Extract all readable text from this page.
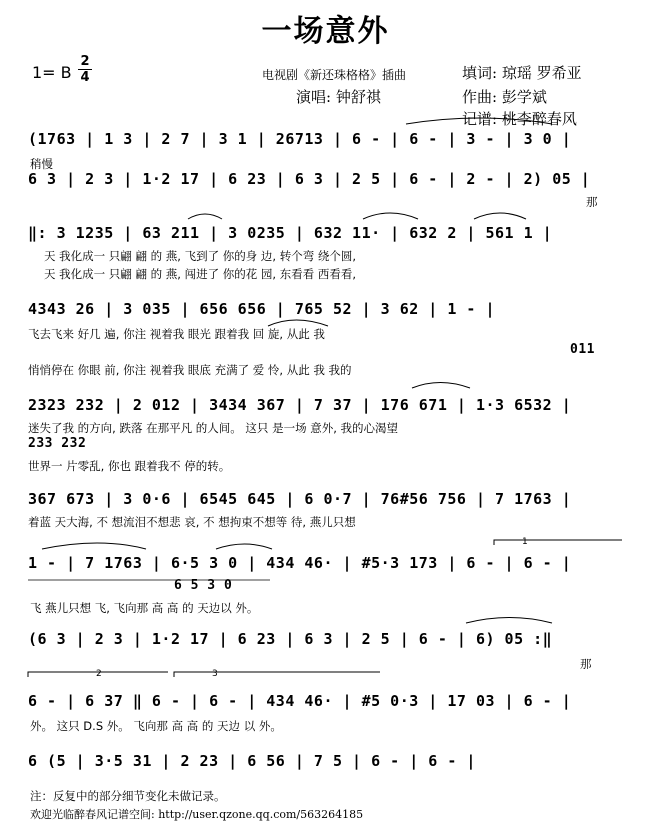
一场意外
1= B $\frac{2}{4}$	电视剧《新还珠格格》插曲	填词: 琼瑶 罗希亚
演唱: 钟舒祺	作曲: 彭学斌
记谱: 桃李醉春风
2	3
1
(1763 | 1 3 | 2 7 | 3 1 | 26713 | 6 - | 6 - | 3 - | 3 0 |
稍慢
6 3 | 2 3 | 1·2 17 | 6 23 | 6 3 | 2 5 | 6 - | 2 - | 2) 05 |
那
‖: 3 1235 | 63 211 | 3 0235 | 632 11· | 632 2 | 561 1 |
天 我化成一 只翩 翩 的 燕, 飞到了 你的身 边, 转个弯 绕个圆,
天 我化成一 只翩 翩 的 燕, 闯进了 你的花 园, 东看看 西看看,
4343 26 | 3 035 | 656 656 | 765 52 | 3 62 | 1 - |
飞去飞来 好几 遍, 你注 视着我 眼光 跟着我 回 旋, 从此 我
011
悄悄停在 你眼 前, 你注 视着我 眼底 充满了 爱 怜, 从此 我 我的
2323 232 | 2 012 | 3434 367 | 7 37 | 176 671 | 1·3 6532 |
迷失了我 的方向, 跌落 在那平凡 的人间。 这只 是一场 意外, 我的心渴望
233 232
世界一 片零乱, 你也 跟着我不 停的转。
367 673 | 3 0·6 | 6545 645 | 6 0·7 | 76#56 756 | 7 1763 |
着蓝 天大海, 不 想流泪不想悲 哀, 不 想拘束不想等 待, 燕儿只想
1 - | 7 1763 | 6·5 3 0 | 434 46· | #5·3 173 | 6 - | 6 - |
6 5 3 0
飞 燕儿只想 飞, 飞向那 高 高 的 天边以 外。
(6 3 | 2 3 | 1·2 17 | 6 23 | 6 3 | 2 5 | 6 - | 6) 05 :‖
那
6 - | 6 37 ‖ 6 - | 6 - | 434 46· | #5 0·3 | 17 03 | 6 - |
外。 这只 D.S 外。 飞向那 高 高 的 天边 以 外。
6 (5 | 3·5 31 | 2 23 | 6 56 | 7 5 | 6 - | 6 - |
注：反复中的部分细节变化未做记录。
欢迎光临醉春风记谱空间: http://user.qzone.qq.com/563264185
